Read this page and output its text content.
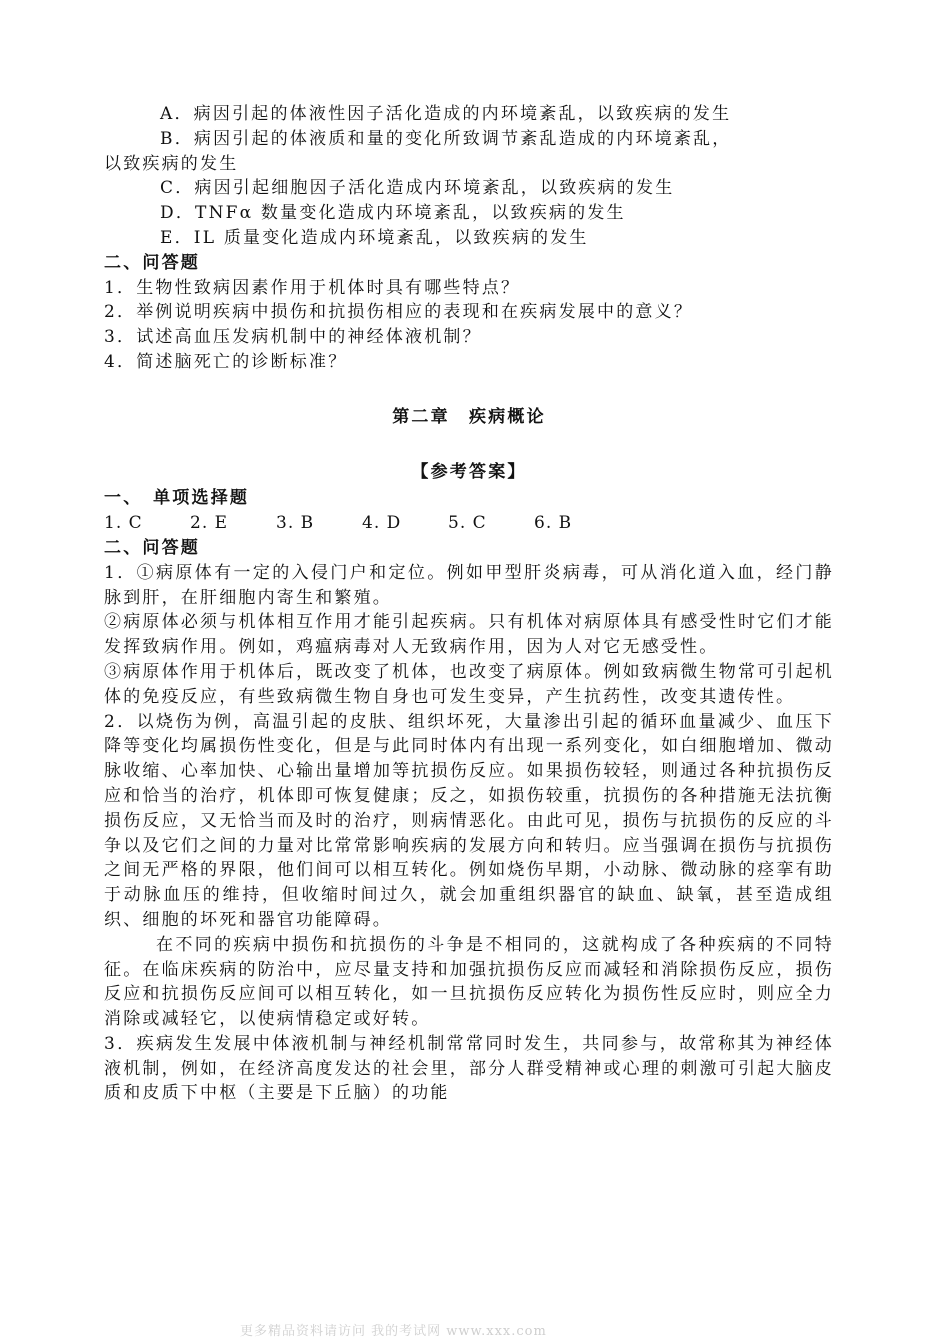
A．病因引起的体液性因子活化造成的内环境紊乱，以致疾病的发生
B．病因引起的体液质和量的变化所致调节紊乱造成的内环境紊乱，
以致疾病的发生
C．病因引起细胞因子活化造成内环境紊乱，以致疾病的发生
D．TNFα 数量变化造成内环境紊乱，以致疾病的发生
E．IL 质量变化造成内环境紊乱，以致疾病的发生
二、问答题
1．生物性致病因素作用于机体时具有哪些特点？
2．举例说明疾病中损伤和抗损伤相应的表现和在疾病发展中的意义？
3．试述高血压发病机制中的神经体液机制？
4．简述脑死亡的诊断标准？
第二章　疾病概论
【参考答案】
一、　单项选择题
1. C	2. E	3. B	4. D	5. C	6. B
二、问答题

1．①病原体有一定的入侵门户和定位。例如甲型肝炎病毒，可从消化道入血，经门静脉到肝，在肝细胞内寄生和繁殖。

②病原体必须与机体相互作用才能引起疾病。只有机体对病原体具有感受性时它们才能发挥致病作用。例如，鸡瘟病毒对人无致病作用，因为人对它无感受性。

③病原体作用于机体后，既改变了机体，也改变了病原体。例如致病微生物常可引起机体的免疫反应，有些致病微生物自身也可发生变异，产生抗药性，改变其遗传性。

2．以烧伤为例，高温引起的皮肤、组织坏死，大量渗出引起的循环血量减少、血压下降等变化均属损伤性变化，但是与此同时体内有出现一系列变化，如白细胞增加、微动脉收缩、心率加快、心输出量增加等抗损伤反应。如果损伤较轻，则通过各种抗损伤反应和恰当的治疗，机体即可恢复健康；反之，如损伤较重，抗损伤的各种措施无法抗衡损伤反应，又无恰当而及时的治疗，则病情恶化。由此可见，损伤与抗损伤的反应的斗争以及它们之间的力量对比常常影响疾病的发展方向和转归。应当强调在损伤与抗损伤之间无严格的界限，他们间可以相互转化。例如烧伤早期，小动脉、微动脉的痉挛有助于动脉血压的维持，但收缩时间过久，就会加重组织器官的缺血、缺氧，甚至造成组织、细胞的坏死和器官功能障碍。

在不同的疾病中损伤和抗损伤的斗争是不相同的，这就构成了各种疾病的不同特征。在临床疾病的防治中，应尽量支持和加强抗损伤反应而减轻和消除损伤反应，损伤反应和抗损伤反应间可以相互转化，如一旦抗损伤反应转化为损伤性反应时，则应全力消除或减轻它，以使病情稳定或好转。

3．疾病发生发展中体液机制与神经机制常常同时发生，共同参与，故常称其为神经体液机制，例如，在经济高度发达的社会里，部分人群受精神或心理的刺激可引起大脑皮质和皮质下中枢（主要是下丘脑）的功能

更多精品资料请访问 我的考试网 www.xxx.com
